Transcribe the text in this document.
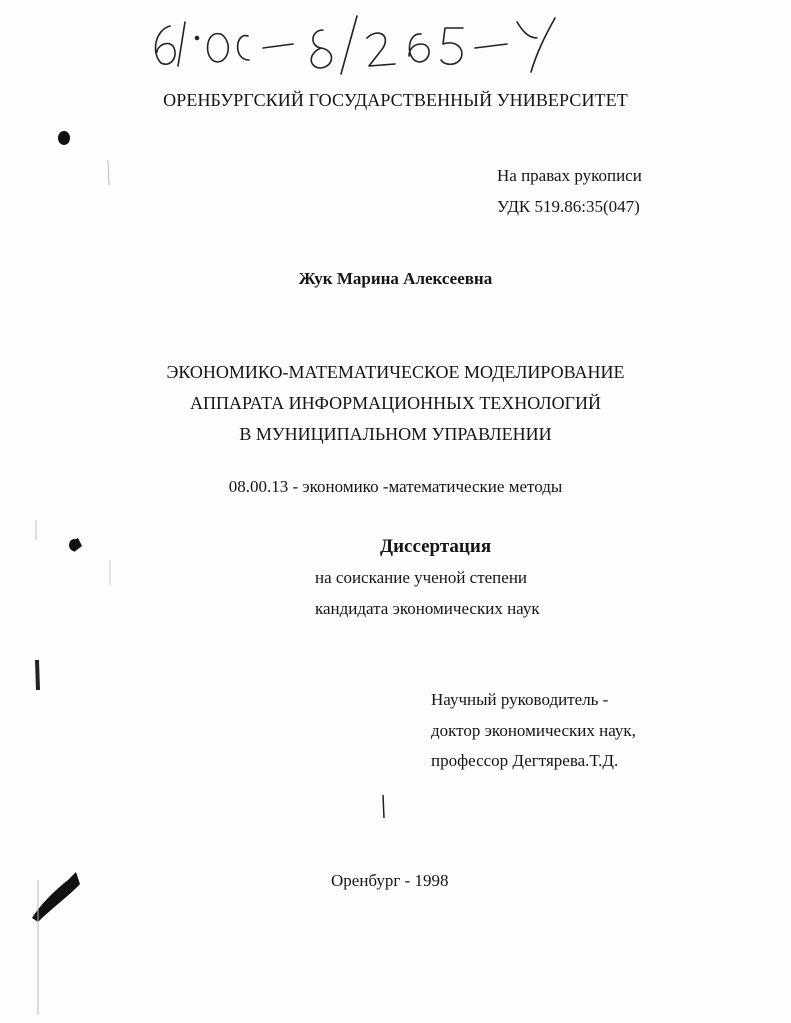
ОРЕНБУРГСКИЙ ГОСУДАРСТВЕННЫЙ УНИВЕРСИТЕТ
На правах рукописи
УДК 519.86:35(047)
Жук Марина Алексеевна
ЭКОНОМИКО-МАТЕМАТИЧЕСКОЕ МОДЕЛИРОВАНИЕ
АППАРАТА ИНФОРМАЦИОННЫХ ТЕХНОЛОГИЙ
В МУНИЦИПАЛЬНОМ УПРАВЛЕНИИ
08.00.13 - экономико -математические методы
Диссертация
на соискание ученой степени
кандидата экономических наук
Научный руководитель -
доктор экономических наук,
профессор Дегтярева.Т.Д.
Оренбург - 1998
